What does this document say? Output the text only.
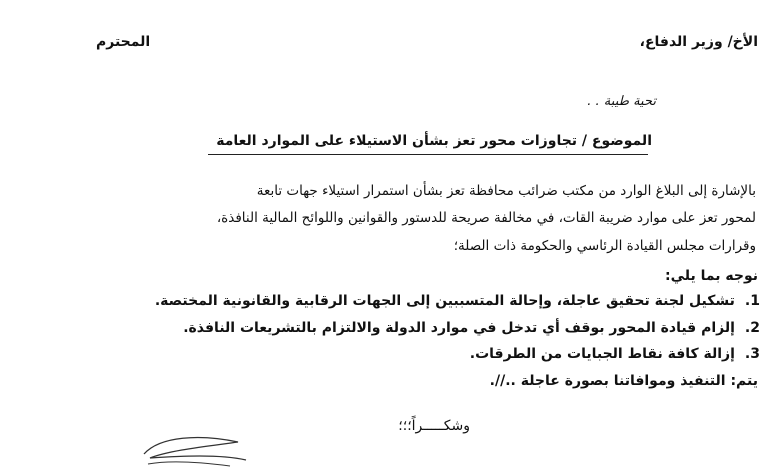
الأخ/ وزير الدفاع،
المحترم
تحية طيبة . .
الموضوع / تجاوزات محور تعز بشأن الاستيلاء على الموارد العامة
بالإشارة إلى البلاغ الوارد من مكتب ضرائب محافظة تعز بشأن استمرار استيلاء جهات تابعة
لمحور تعز على موارد ضريبة القات، في مخالفة صريحة للدستور والقوانين واللوائح المالية النافذة،
وقرارات مجلس القيادة الرئاسي والحكومة ذات الصلة؛
نوجه بما يلي:
1.تشكيل لجنة تحقيق عاجلة، وإحالة المتسببين إلى الجهات الرقابية والقانونية المختصة.
2.إلزام قيادة المحور بوقف أي تدخل في موارد الدولة والالتزام بالتشريعات النافذة.
3.إزالة كافة نقاط الجبايات من الطرقات.
يتم: التنفيذ وموافاتنا بصورة عاجلة ..//.
وشكـــــراً؛؛؛
